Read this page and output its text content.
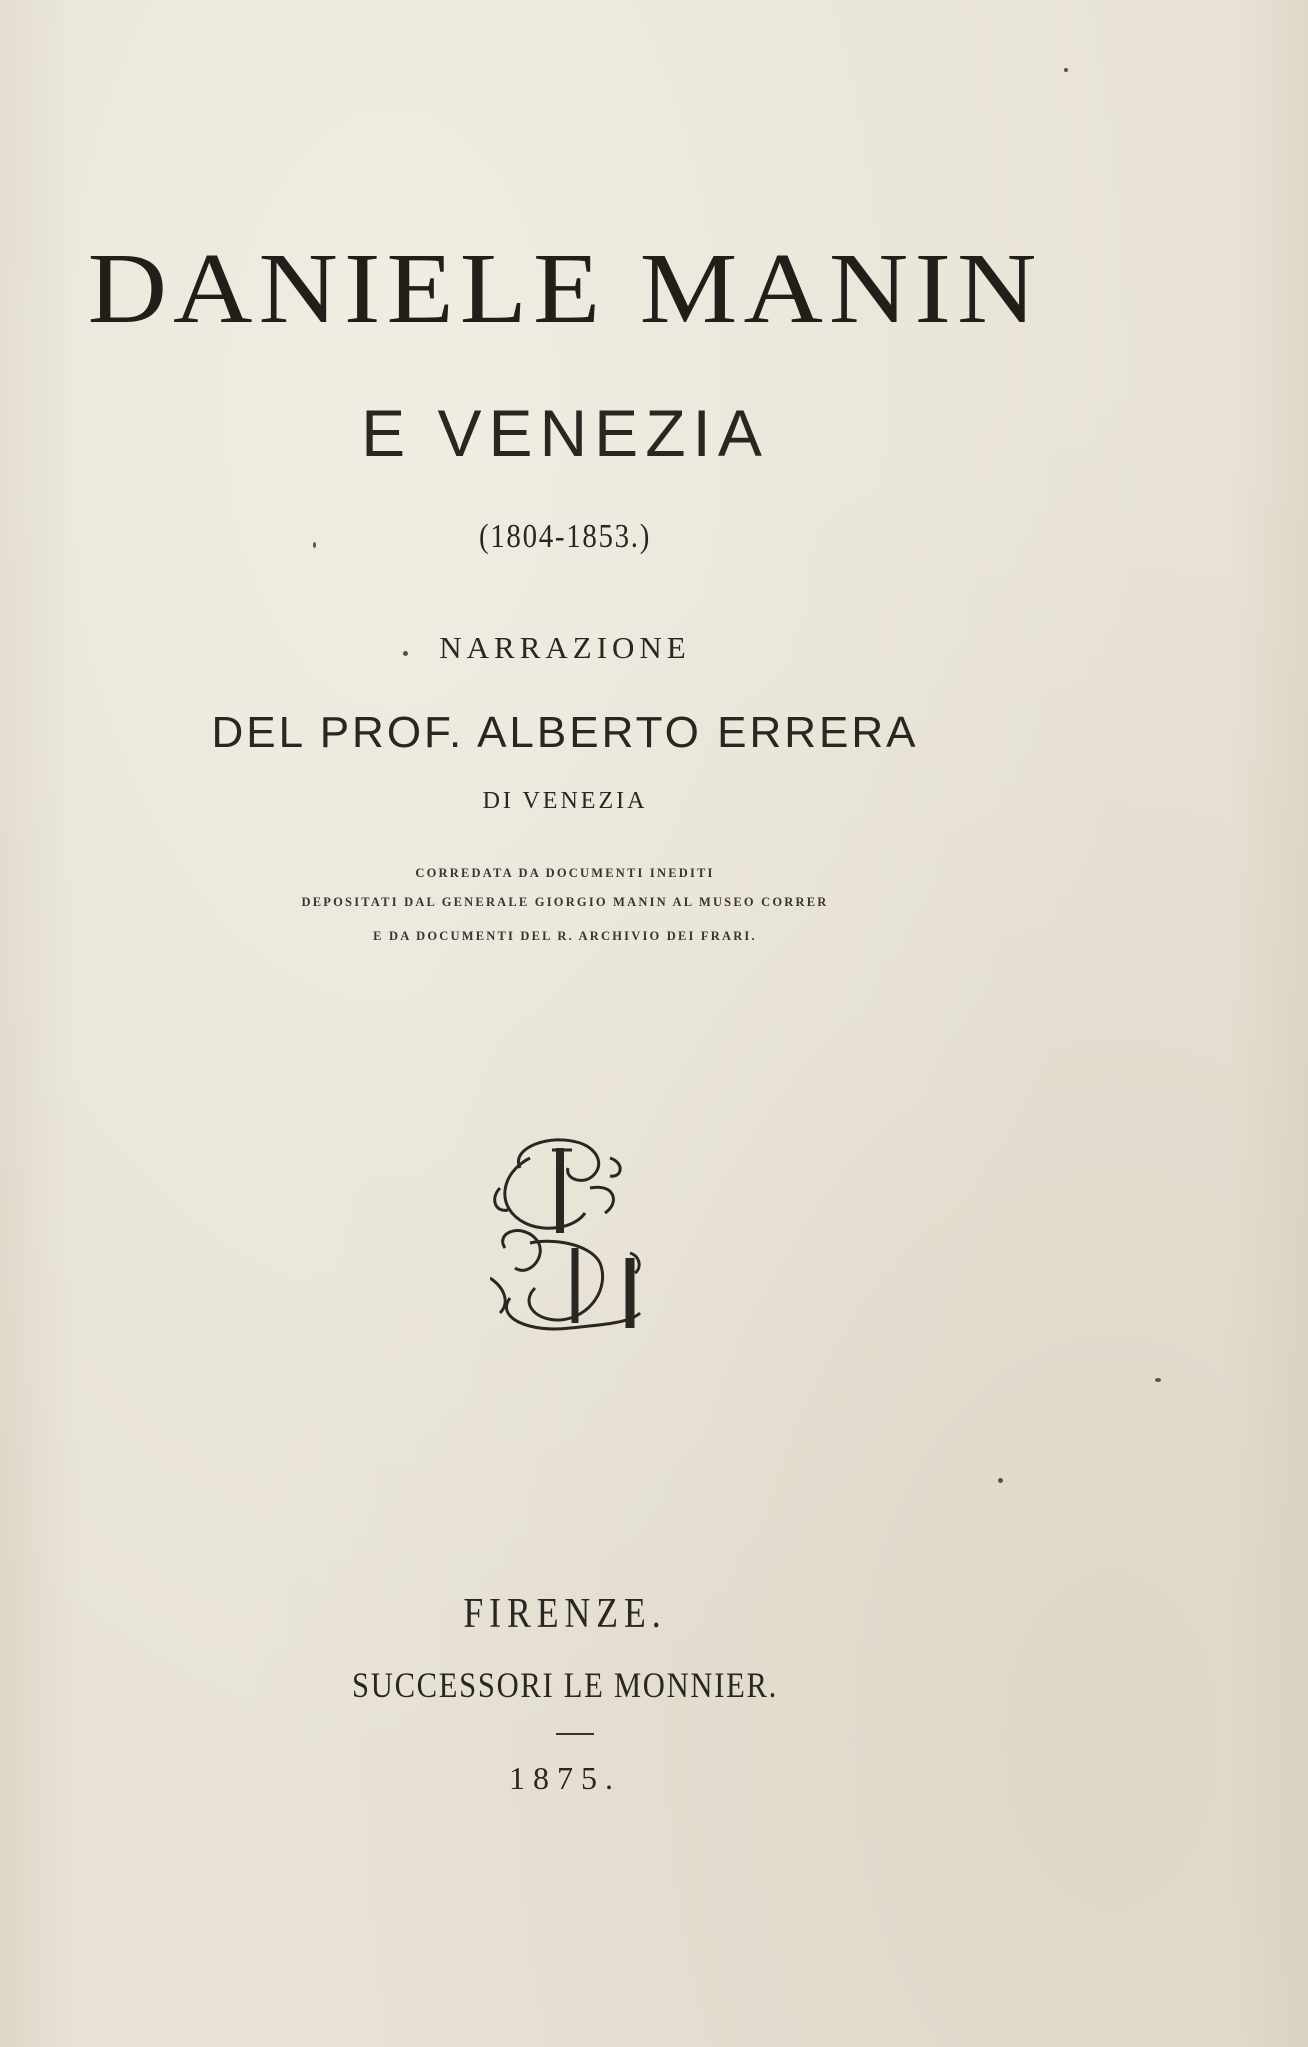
DANIELE MANIN
E VENEZIA
(1804-1853.)
NARRAZIONE
DEL PROF. ALBERTO ERRERA
DI VENEZIA
CORREDATA DA DOCUMENTI INEDITI
DEPOSITATI DAL GENERALE GIORGIO MANIN AL MUSEO CORRER
E DA DOCUMENTI DEL R. ARCHIVIO DEI FRARI.
FIRENZE.
SUCCESSORI LE MONNIER.
1875.
